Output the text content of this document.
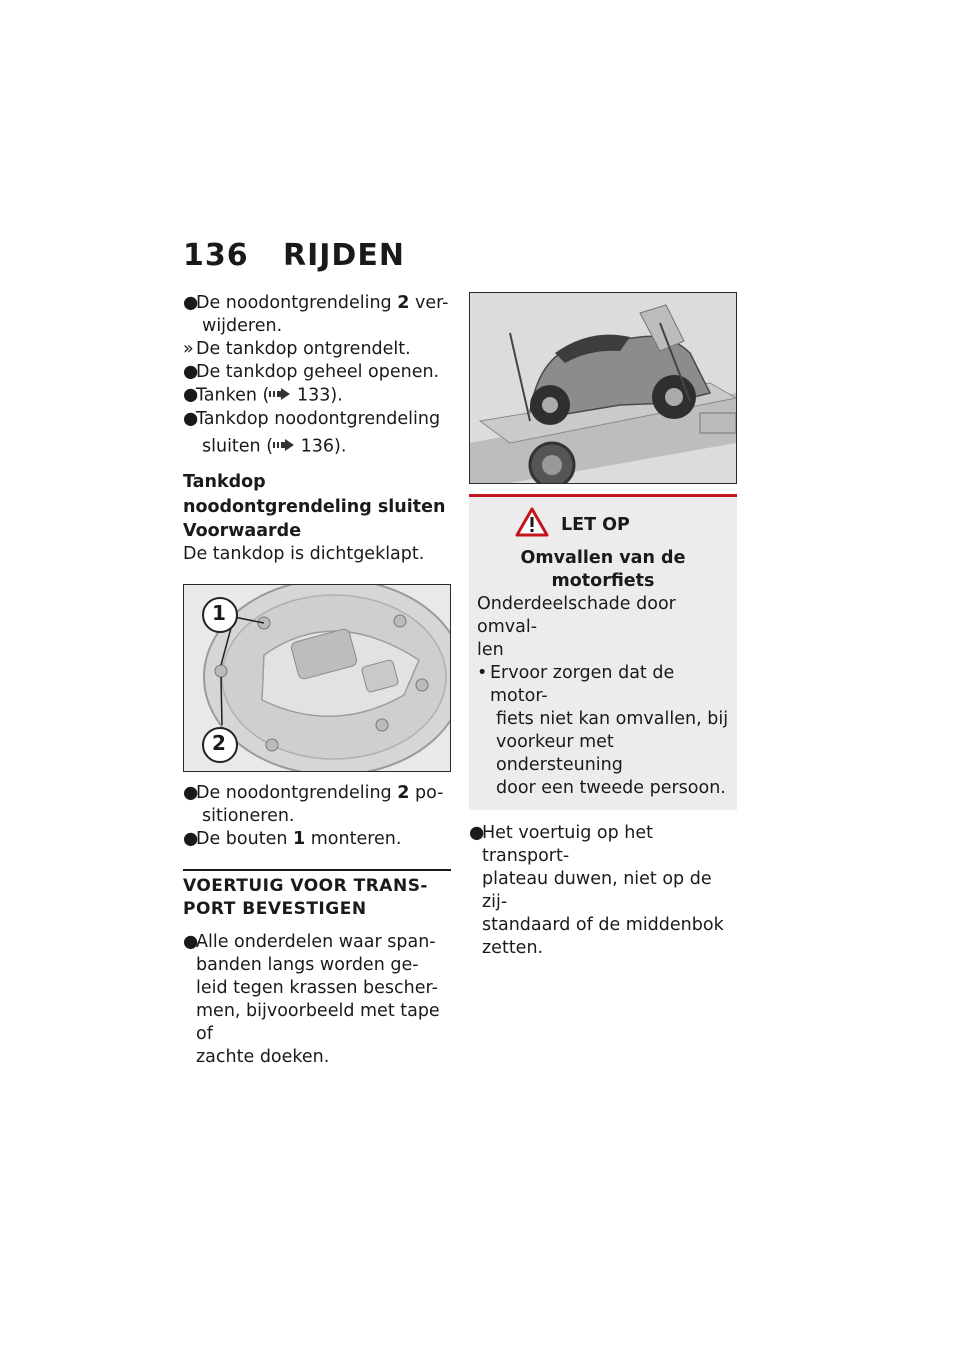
136 RIJDEN
●
De noodontgrendeling 2 ver-
wijderen.
» De tankdop ontgrendelt.
●
De tankdop geheel openen.
●
Tanken ( 133).
●
Tankdop noodontgrendeling
sluiten ( 136).
Tankdop noodontgrendeling sluiten
Voorwaarde
De tankdop is dichtgeklapt.
1
2
●
De noodontgrendeling 2 po-
sitioneren.
●
De bouten 1 monteren.
VOERTUIG VOOR TRANS-PORT BEVESTIGEN
●
Alle onderdelen waar span-
banden langs worden ge-
leid tegen krassen bescher-
men, bijvoorbeeld met tape of
zachte doeken.
LET OP
Omvallen van de motorfiets
Onderdeelschade door omval-
len
• Ervoor zorgen dat de motor-
fiets niet kan omvallen, bij
voorkeur met ondersteuning
door een tweede persoon.
●
Het voertuig op het transport-
plateau duwen, niet op de zij-
standaard of de middenbok
zetten.
